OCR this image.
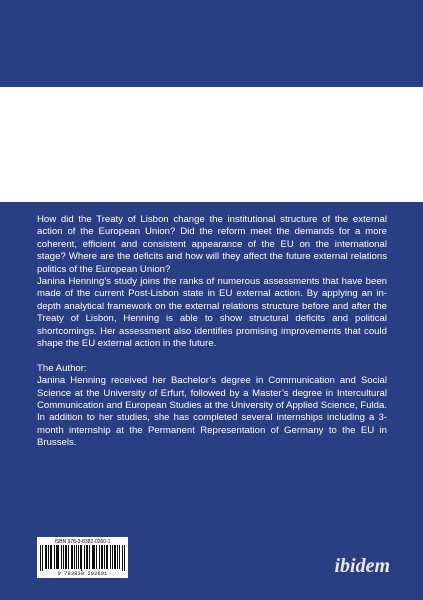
How did the Treaty of Lisbon change the institutional structure of the external action of the European Union? Did the reform meet the demands for a more coherent, efficient and consistent appearance of the EU on the international stage? Where are the deficits and how will they affect the future external relations politics of the European Union?

Janina Henning’s study joins the ranks of numerous assessments that have been made of the current Post-Lisbon state in EU external action. By applying an in-depth analytical framework on the external relations structure before and after the Treaty of Lisbon, Henning is able to show structural deficits and political shortcomings. Her assessment also identifies promising improvements that could shape the EU external action in the future.

The Author:

Janina Henning received her Bachelor’s degree in Communication and Social Science at the University of Erfurt, followed by a Master’s degree in Intercultural Communication and European Studies at the University of Applied Science, Fulda. In addition to her studies, she has completed several internships including a 3-month internship at the Permanent Representation of Germany to the EU in Brussels.

ISBN 978-3-8382-0260-1
9 783838 202601	ibidem
